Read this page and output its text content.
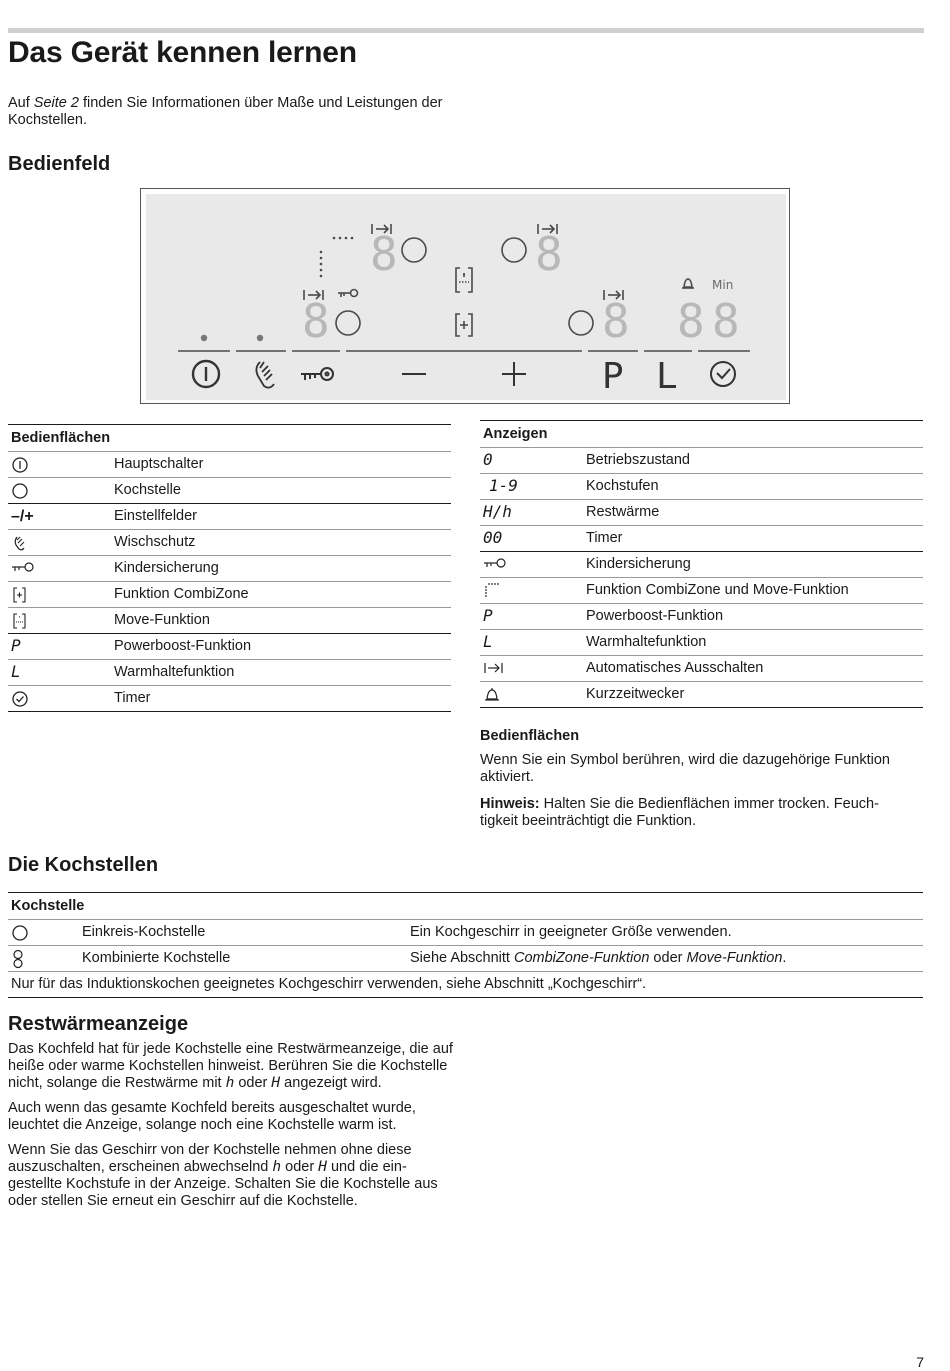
Das Gerät kennen lernen

Auf Seite 2 finden Sie Informationen über Maße und Leistungen der Kochstellen.

Bedienfeld
8	8
8	8 8 8
Min
P L
Bedienflächen	

	Hauptschalter

	Kochstelle
–/+	Einstellfelder

	Wischschutz

	Kindersicherung

	Funktion CombiZone

	Move-Funktion
P	Powerboost-Funktion
L	Warmhaltefunktion

	Timer
Anzeigen	
0	Betriebszustand
1-9	Kochstufen
H/h	Restwärme
00	Timer

	Kindersicherung

	Funktion CombiZone und Move-Funktion
P	Powerboost-Funktion
L	Warmhaltefunktion

	Automatisches Ausschalten

	Kurzzeitwecker

Bedienflächen

Wenn Sie ein Symbol berühren, wird die dazugehörige Funktion aktiviert.

Hinweis: Halten Sie die Bedienflächen immer trocken. Feuch-
tigkeit beeinträchtigt die Funktion.

Die Kochstellen
Kochstelle		

	Einkreis-Kochstelle	Ein Kochgeschirr in geeigneter Größe verwenden.

	Kombinierte Kochstelle	Siehe Abschnitt CombiZone-Funktion oder Move-Funktion.
Nur für das Induktionskochen geeignetes Kochgeschirr verwenden, siehe Abschnitt „Kochgeschirr“.		
Restwärmeanzeige

Das Kochfeld hat für jede Kochstelle eine Restwärmeanzeige, die auf heiße oder warme Kochstellen hinweist. Berühren Sie die Kochstelle nicht, solange die Restwärme mit h oder H angezeigt wird.

Auch wenn das gesamte Kochfeld bereits ausgeschaltet wurde, leuchtet die Anzeige, solange noch eine Kochstelle warm ist.

Wenn Sie das Geschirr von der Kochstelle nehmen ohne diese auszuschalten, erscheinen abwechselnd h oder H und die ein-gestellte Kochstufe in der Anzeige. Schalten Sie die Kochstelle aus oder stellen Sie erneut ein Geschirr auf die Kochstelle.

7
